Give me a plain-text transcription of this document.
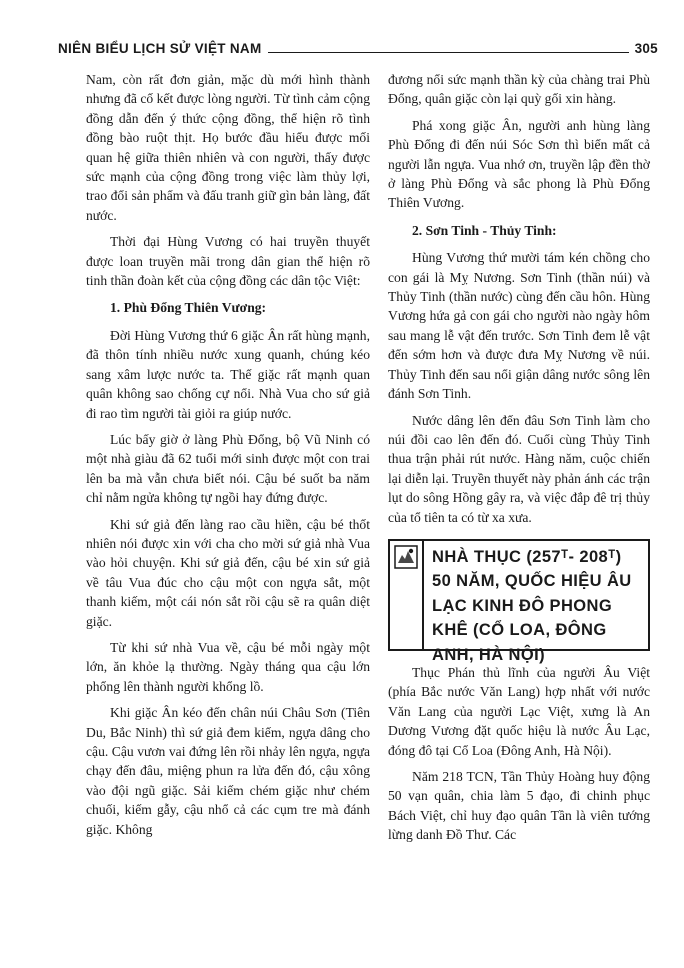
NIÊN BIỂU LỊCH SỬ VIỆT NAM	305

Nam, còn rất đơn giản, mặc dù mới hình thành nhưng đã cố kết được lòng người. Từ tình cảm cộng đồng dẫn đến ý thức cộng đồng, thể hiện rõ tình đồng bào ruột thịt. Họ bước đầu hiểu được mối quan hệ giữa thiên nhiên và con người, thấy được sức mạnh của cộng đồng trong việc làm thủy lợi, trao đổi sản phẩm và đấu tranh giữ gìn bản làng, đất nước.

Thời đại Hùng Vương có hai truyền thuyết được loan truyền mãi trong dân gian thể hiện rõ tinh thần đoàn kết của cộng đồng các dân tộc Việt:

1. Phù Đổng Thiên Vương:

Đời Hùng Vương thứ 6 giặc Ân rất hùng mạnh, đã thôn tính nhiều nước xung quanh, chúng kéo sang xâm lược nước ta. Thế giặc rất mạnh quan quân không sao chống cự nổi. Nhà Vua cho sứ giả đi rao tìm người tài giỏi ra giúp nước.

Lúc bấy giờ ở làng Phù Đổng, bộ Vũ Ninh có một nhà giàu đã 62 tuổi mới sinh được một con trai lên ba mà vẫn chưa biết nói. Cậu bé suốt ba năm chỉ nằm ngửa không tự ngồi hay đứng được.

Khi sứ giả đến làng rao cầu hiền, cậu bé thốt nhiên nói được xin với cha cho mời sứ giả nhà Vua vào hỏi chuyện. Khi sứ giả đến, cậu bé xin sứ giả về tâu Vua đúc cho cậu một con ngựa sắt, một thanh kiếm, một cái nón sắt rồi cậu sẽ ra quân diệt giặc.

Từ khi sứ nhà Vua về, cậu bé mỗi ngày một lớn, ăn khỏe lạ thường. Ngày tháng qua cậu lớn phổng lên thành người khổng lồ.

Khi giặc Ân kéo đến chân núi Châu Sơn (Tiên Du, Bắc Ninh) thì sứ giả đem kiếm, ngựa dâng cho cậu. Cậu vươn vai đứng lên rồi nhảy lên ngựa, ngựa chạy đến đâu, miệng phun ra lửa đến đó, cậu xông vào đội ngũ giặc. Sải kiếm chém giặc như chém chuối, kiếm gẫy, cậu nhổ cả các cụm tre mà đánh giặc. Không

đương nổi sức mạnh thần kỳ của chàng trai Phù Đổng, quân giặc còn lại quỳ gối xin hàng.

Phá xong giặc Ân, người anh hùng làng Phù Đổng đi đến núi Sóc Sơn thì biến mất cả người lẫn ngựa. Vua nhớ ơn, truyền lập đền thờ ở làng Phù Đổng và sắc phong là Phù Đổng Thiên Vương.

2. Sơn Tinh - Thủy Tinh:

Hùng Vương thứ mười tám kén chồng cho con gái là Mỵ Nương. Sơn Tinh (thần núi) và Thủy Tinh (thần nước) cùng đến cầu hôn. Hùng Vương hứa gả con gái cho người nào ngày hôm sau mang lễ vật đến trước. Sơn Tinh đem lễ vật đến sớm hơn và được đưa Mỵ Nương về núi. Thủy Tinh đến sau nổi giận dâng nước sông lên đánh Sơn Tinh.

Nước dâng lên đến đâu Sơn Tinh làm cho núi đồi cao lên đến đó. Cuối cùng Thủy Tinh thua trận phải rút nước. Hàng năm, cuộc chiến lại diễn lại. Truyền thuyết này phản ánh các trận lụt do sông Hồng gây ra, và việc đắp đê trị thủy của tổ tiên ta có từ xa xưa.

NHÀ THỤC (257ᵀ- 208ᵀ) 50 NĂM, QUỐC HIỆU ÂU LẠC KINH ĐÔ PHONG KHÊ (CỔ LOA, ĐÔNG ANH, HÀ NỘI)

Thục Phán thủ lĩnh của người Âu Việt (phía Bắc nước Văn Lang) hợp nhất với nước Văn Lang của người Lạc Việt, xưng là An Dương Vương đặt quốc hiệu là nước Âu Lạc, đóng đô tại Cổ Loa (Đông Anh, Hà Nội).

Năm 218 TCN, Tần Thủy Hoàng huy động 50 vạn quân, chia làm 5 đạo, đi chinh phục Bách Việt, chỉ huy đạo quân Tần là viên tướng lừng danh Đồ Thư. Các
